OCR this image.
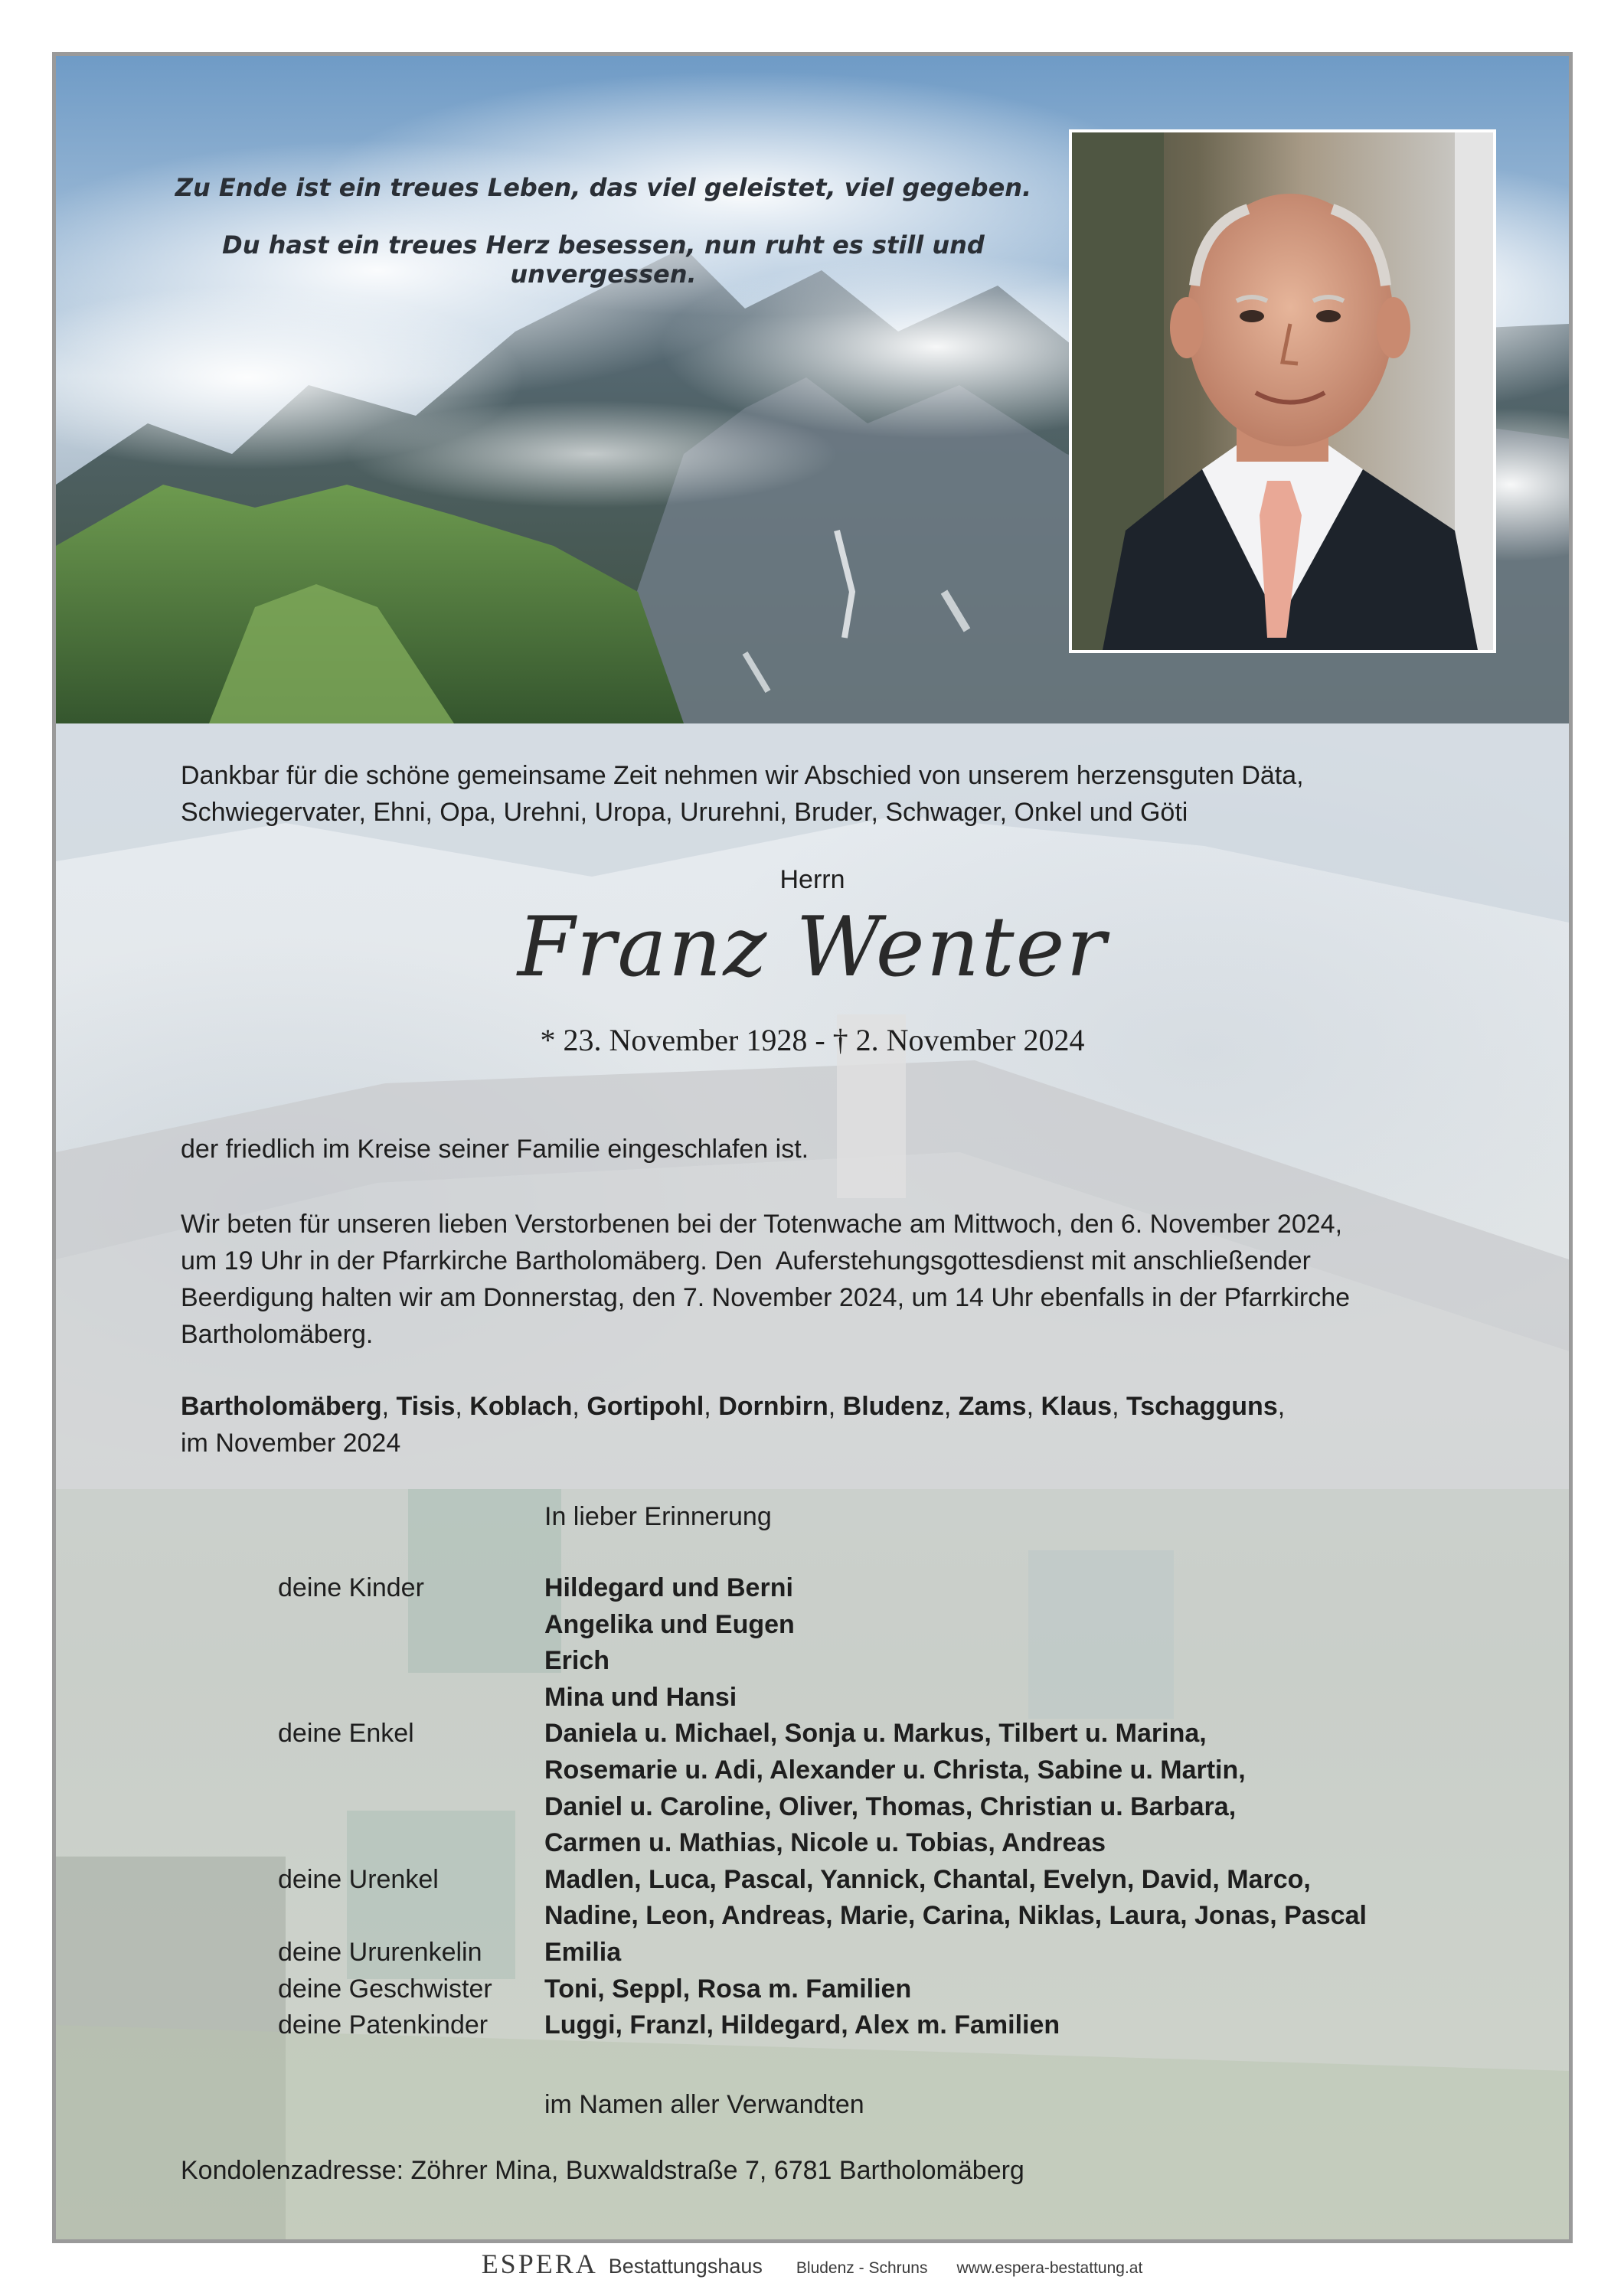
Zu Ende ist ein treues Leben, das viel geleistet, viel gegeben.
Du hast ein treues Herz besessen, nun ruht es still und unvergessen.
Dankbar für die schöne gemeinsame Zeit nehmen wir Abschied von unserem herzensguten Däta,
Schwiegervater, Ehni, Opa, Urehni, Uropa, Ururehni, Bruder, Schwager, Onkel und Göti
Herrn
Franz Wenter
* 23. November 1928 - † 2. November 2024
der friedlich im Kreise seiner Familie eingeschlafen ist.
Wir beten für unseren lieben Verstorbenen bei der Totenwache am Mittwoch, den 6. November 2024,
um 19 Uhr in der Pfarrkirche Bartholomäberg. Den  Auferstehungsgottesdienst mit anschließender
Beerdigung halten wir am Donnerstag, den 7. November 2024, um 14 Uhr ebenfalls in der Pfarrkirche
Bartholomäberg.
Bartholomäberg, Tisis, Koblach, Gortipohl, Dornbirn, Bludenz, Zams, Klaus, Tschagguns,
im November 2024
In lieber Erinnerung
deine Kinder	Hildegard und Berni
Angelika und Eugen
Erich
Mina und Hansi
deine Enkel	Daniela u. Michael, Sonja u. Markus, Tilbert u. Marina,
Rosemarie u. Adi, Alexander u. Christa, Sabine u. Martin,
Daniel u. Caroline, Oliver, Thomas, Christian u. Barbara,
Carmen u. Mathias, Nicole u. Tobias, Andreas
deine Urenkel	Madlen, Luca, Pascal, Yannick, Chantal, Evelyn, David, Marco,
Nadine, Leon, Andreas, Marie, Carina, Niklas, Laura, Jonas, Pascal
deine Ururenkelin	Emilia
deine Geschwister	Toni, Seppl, Rosa m. Familien
deine Patenkinder	Luggi, Franzl, Hildegard, Alex m. Familien
im Namen aller Verwandten
Kondolenzadresse: Zöhrer Mina, Buxwaldstraße 7, 6781 Bartholomäberg
ESPERA Bestattungshaus Bludenz - Schruns www.espera-bestattung.at
